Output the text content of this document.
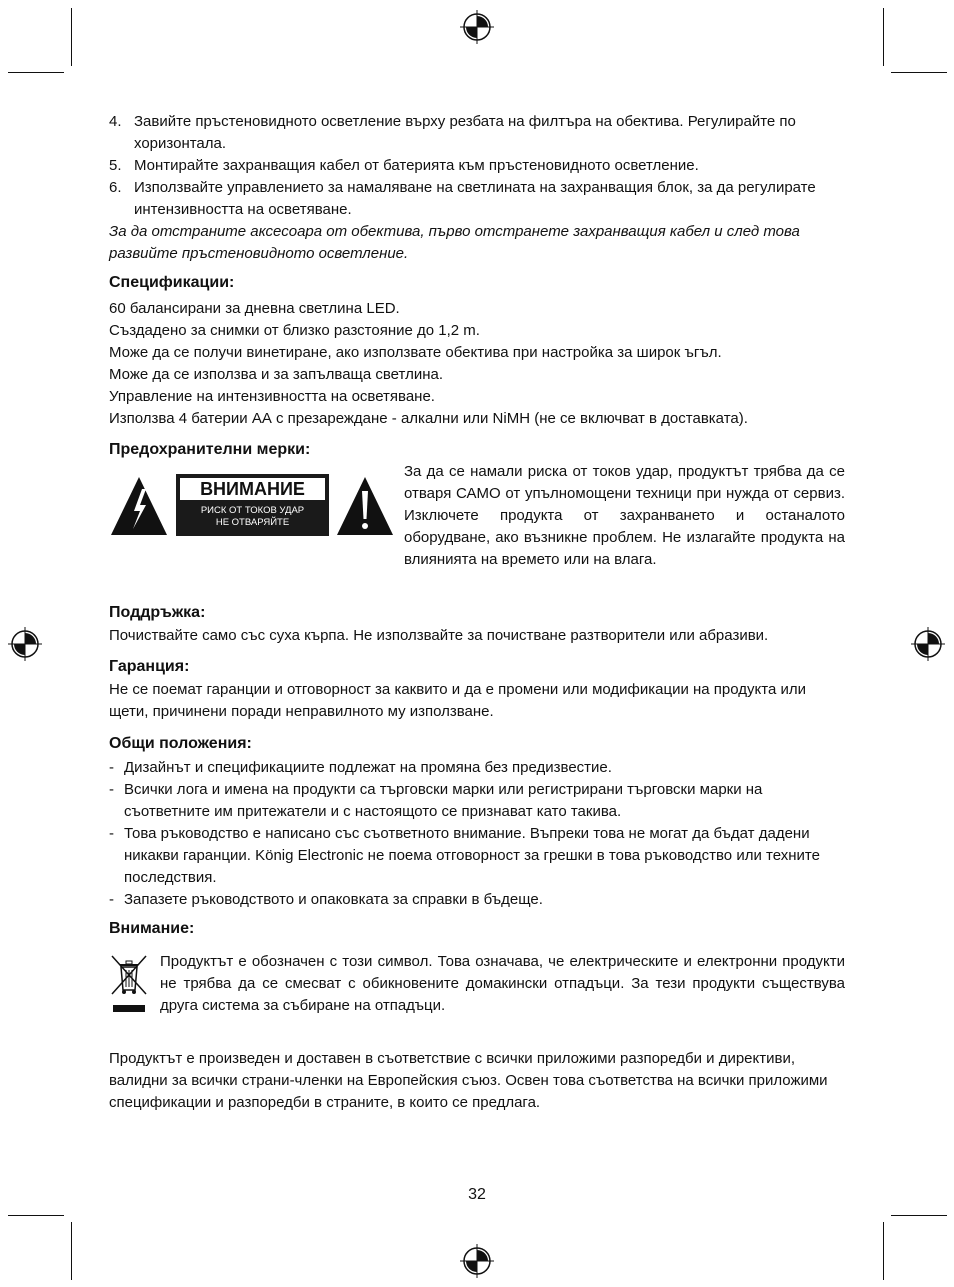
4. Завийте пръстеновидното осветление върху резбата на филтъра на обектива. Регулирайте по хоризонтала.
5. Монтирайте захранващия кабел от батерията към пръстеновидното осветление.
6. Използвайте управлението за намаляване на светлината на захранващия блок, за да регулирате интензивността на осветяване.

За да отстраните аксесоара от обектива, първо отстранете захранващия кабел и след това развийте пръстеновидното осветление.

Спецификации:

60 балансирани за дневна светлина LED.

Създадено за снимки от близко разстояние до 1,2 m.

Може да се получи винетиране, ако използвате обектива при настройка за широк ъгъл.

Може да се използва и за запълваща светлина.

Управление на интензивността на осветяване.

Използва 4 батерии АА с презареждане - алкални или NiMH (не се включват в доставката).

Предохранителни мерки:
ВНИМАНИЕ
РИСК ОТ ТОКОВ УДАР
НЕ ОТВАРЯЙТЕ

За да се намали риска от токов удар, продуктът трябва да се отваря САМО от упълномощени техници при нужда от сервиз. Изключете продукта от захранването и останалото оборудване, ако възникне проблем. Не излагайте продукта на влиянията на времето или на влага.

Поддръжка:

Почиствайте само със суха кърпа. Не използвайте за почистване разтворители или абразиви.

Гаранция:

Не се поемат гаранции и отговорност за каквито и да е промени или модификации на продукта или щети, причинени поради неправилното му използване.

Общи положения:
- Дизайнът и спецификациите подлежат на промяна без предизвестие.
- Всички лога и имена на продукти са търговски марки или регистрирани търговски марки на съответните им притежатели и с настоящото се признават като такива.
- Това ръководство е написано със съответното внимание. Въпреки това не могат да бъдат дадени никакви гаранции. König Electronic не поема отговорност за грешки в това ръководство или техните последствия.
- Запазете ръководството и опаковката за справки в бъдеще.
Внимание:

Продуктът е обозначен с този символ. Това означава, че електрическите и електронни продукти не трябва да се смесват с обикновените домакински отпадъци. За тези продукти съществува друга система за събиране на отпадъци.

Продуктът е произведен и доставен в съответствие с всички приложими разпоредби и директиви, валидни за всички страни-членки на Европейския съюз. Освен това съответства на всички приложими спецификации и разпоредби в страните, в които се предлага.

32
